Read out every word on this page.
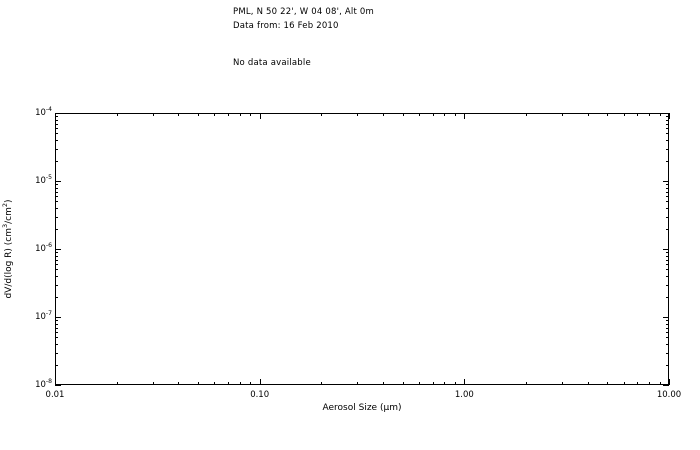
PML, N 50 22', W 04 08', Alt 0m
Data from: 16 Feb 2010
No data available
0.01	0.10	1.00	10.00
$10^{-8}$
$10^{-7}$
$10^{-6}$
$10^{-5}$
$10^{-4}$
Aerosol Size (µm)
dV/d(log R) $(cm^3/cm^2)$
